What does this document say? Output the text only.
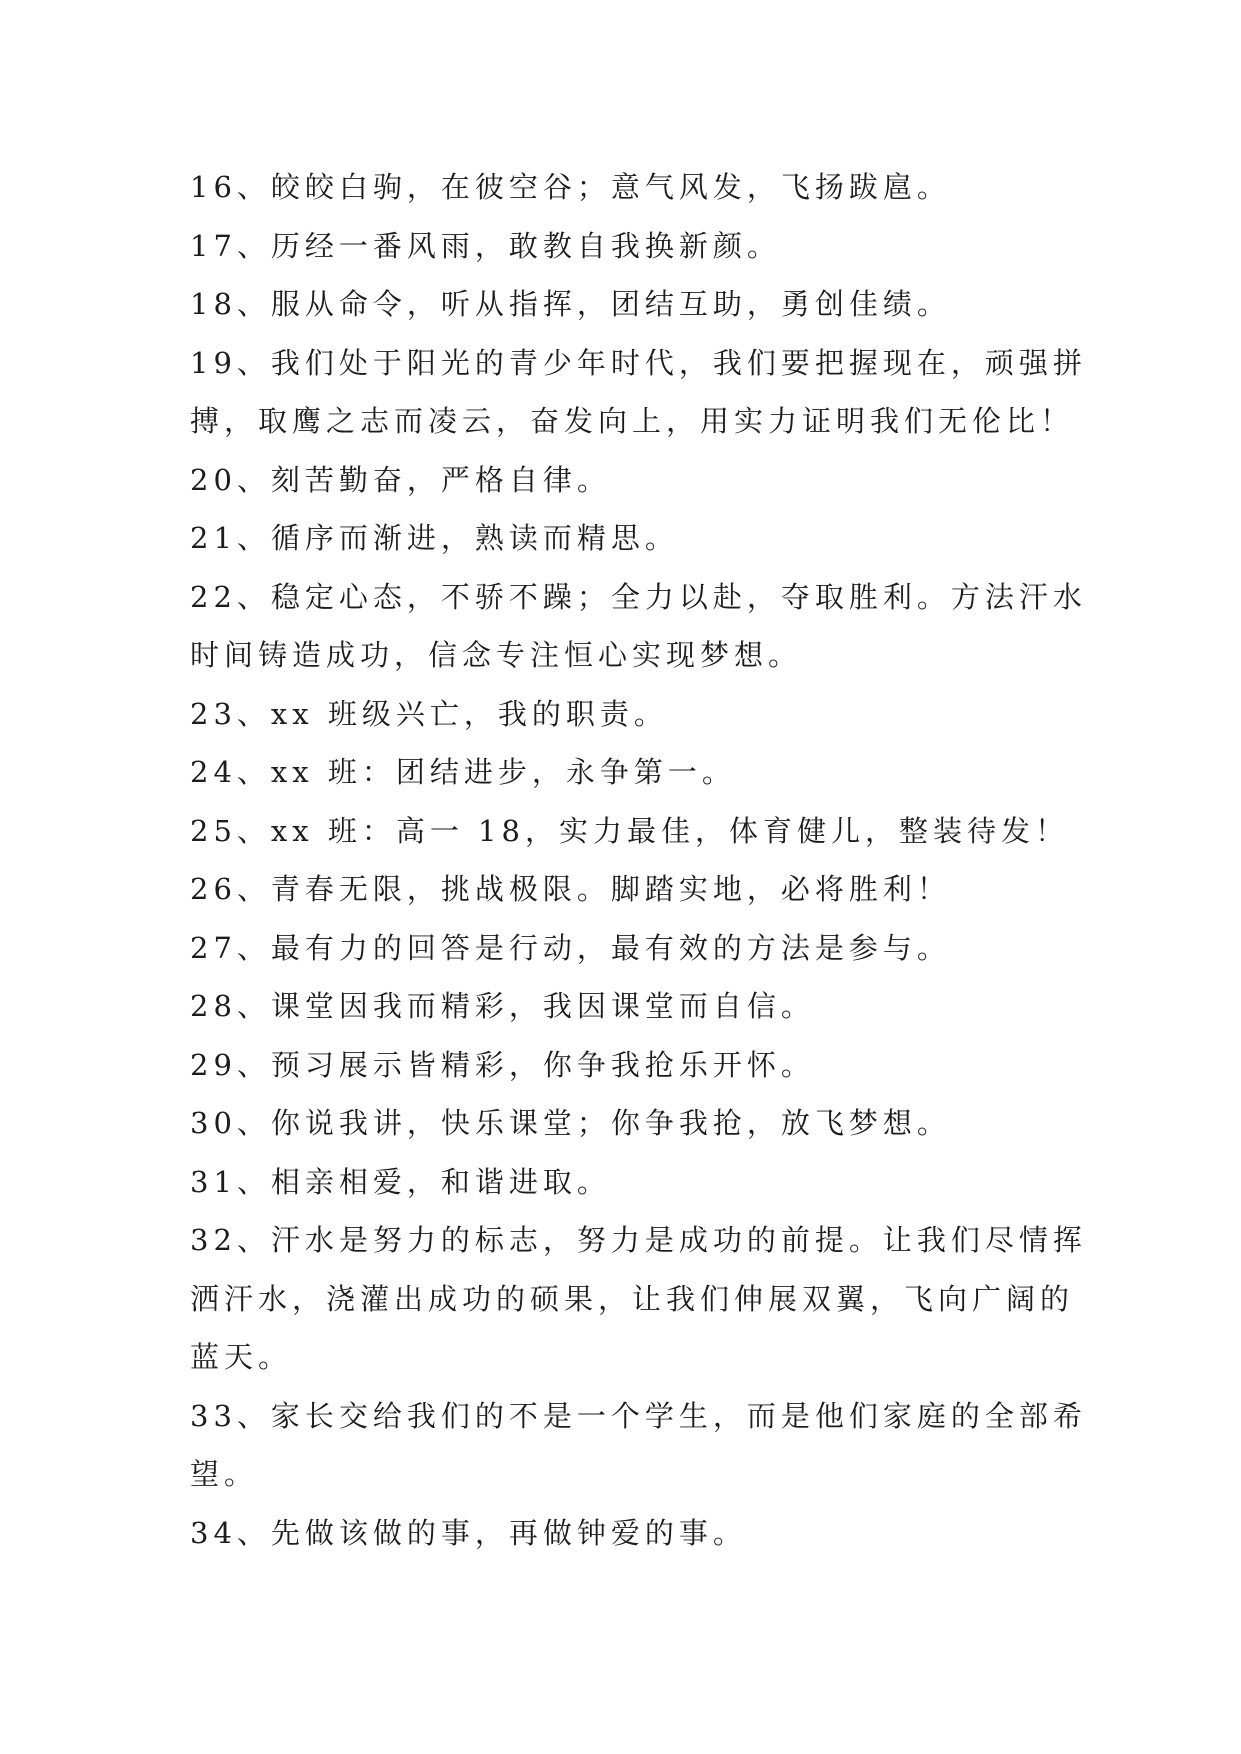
16、皎皎白驹，在彼空谷；意气风发，飞扬跋扈。
17、历经一番风雨，敢教自我换新颜。
18、服从命令，听从指挥，团结互助，勇创佳绩。
19、我们处于阳光的青少年时代，我们要把握现在，顽强拼
搏，取鹰之志而凌云，奋发向上，用实力证明我们无伦比！
20、刻苦勤奋，严格自律。
21、循序而渐进，熟读而精思。
22、稳定心态，不骄不躁；全力以赴，夺取胜利。方法汗水
时间铸造成功，信念专注恒心实现梦想。
23、xx 班级兴亡，我的职责。
24、xx 班：团结进步，永争第一。
25、xx 班：高一 18，实力最佳，体育健儿，整装待发！
26、青春无限，挑战极限。脚踏实地，必将胜利！
27、最有力的回答是行动，最有效的方法是参与。
28、课堂因我而精彩，我因课堂而自信。
29、预习展示皆精彩，你争我抢乐开怀。
30、你说我讲，快乐课堂；你争我抢，放飞梦想。
31、相亲相爱，和谐进取。
32、汗水是努力的标志，努力是成功的前提。让我们尽情挥
洒汗水，浇灌出成功的硕果，让我们伸展双翼，飞向广阔的
蓝天。
33、家长交给我们的不是一个学生，而是他们家庭的全部希
望。
34、先做该做的事，再做钟爱的事。
